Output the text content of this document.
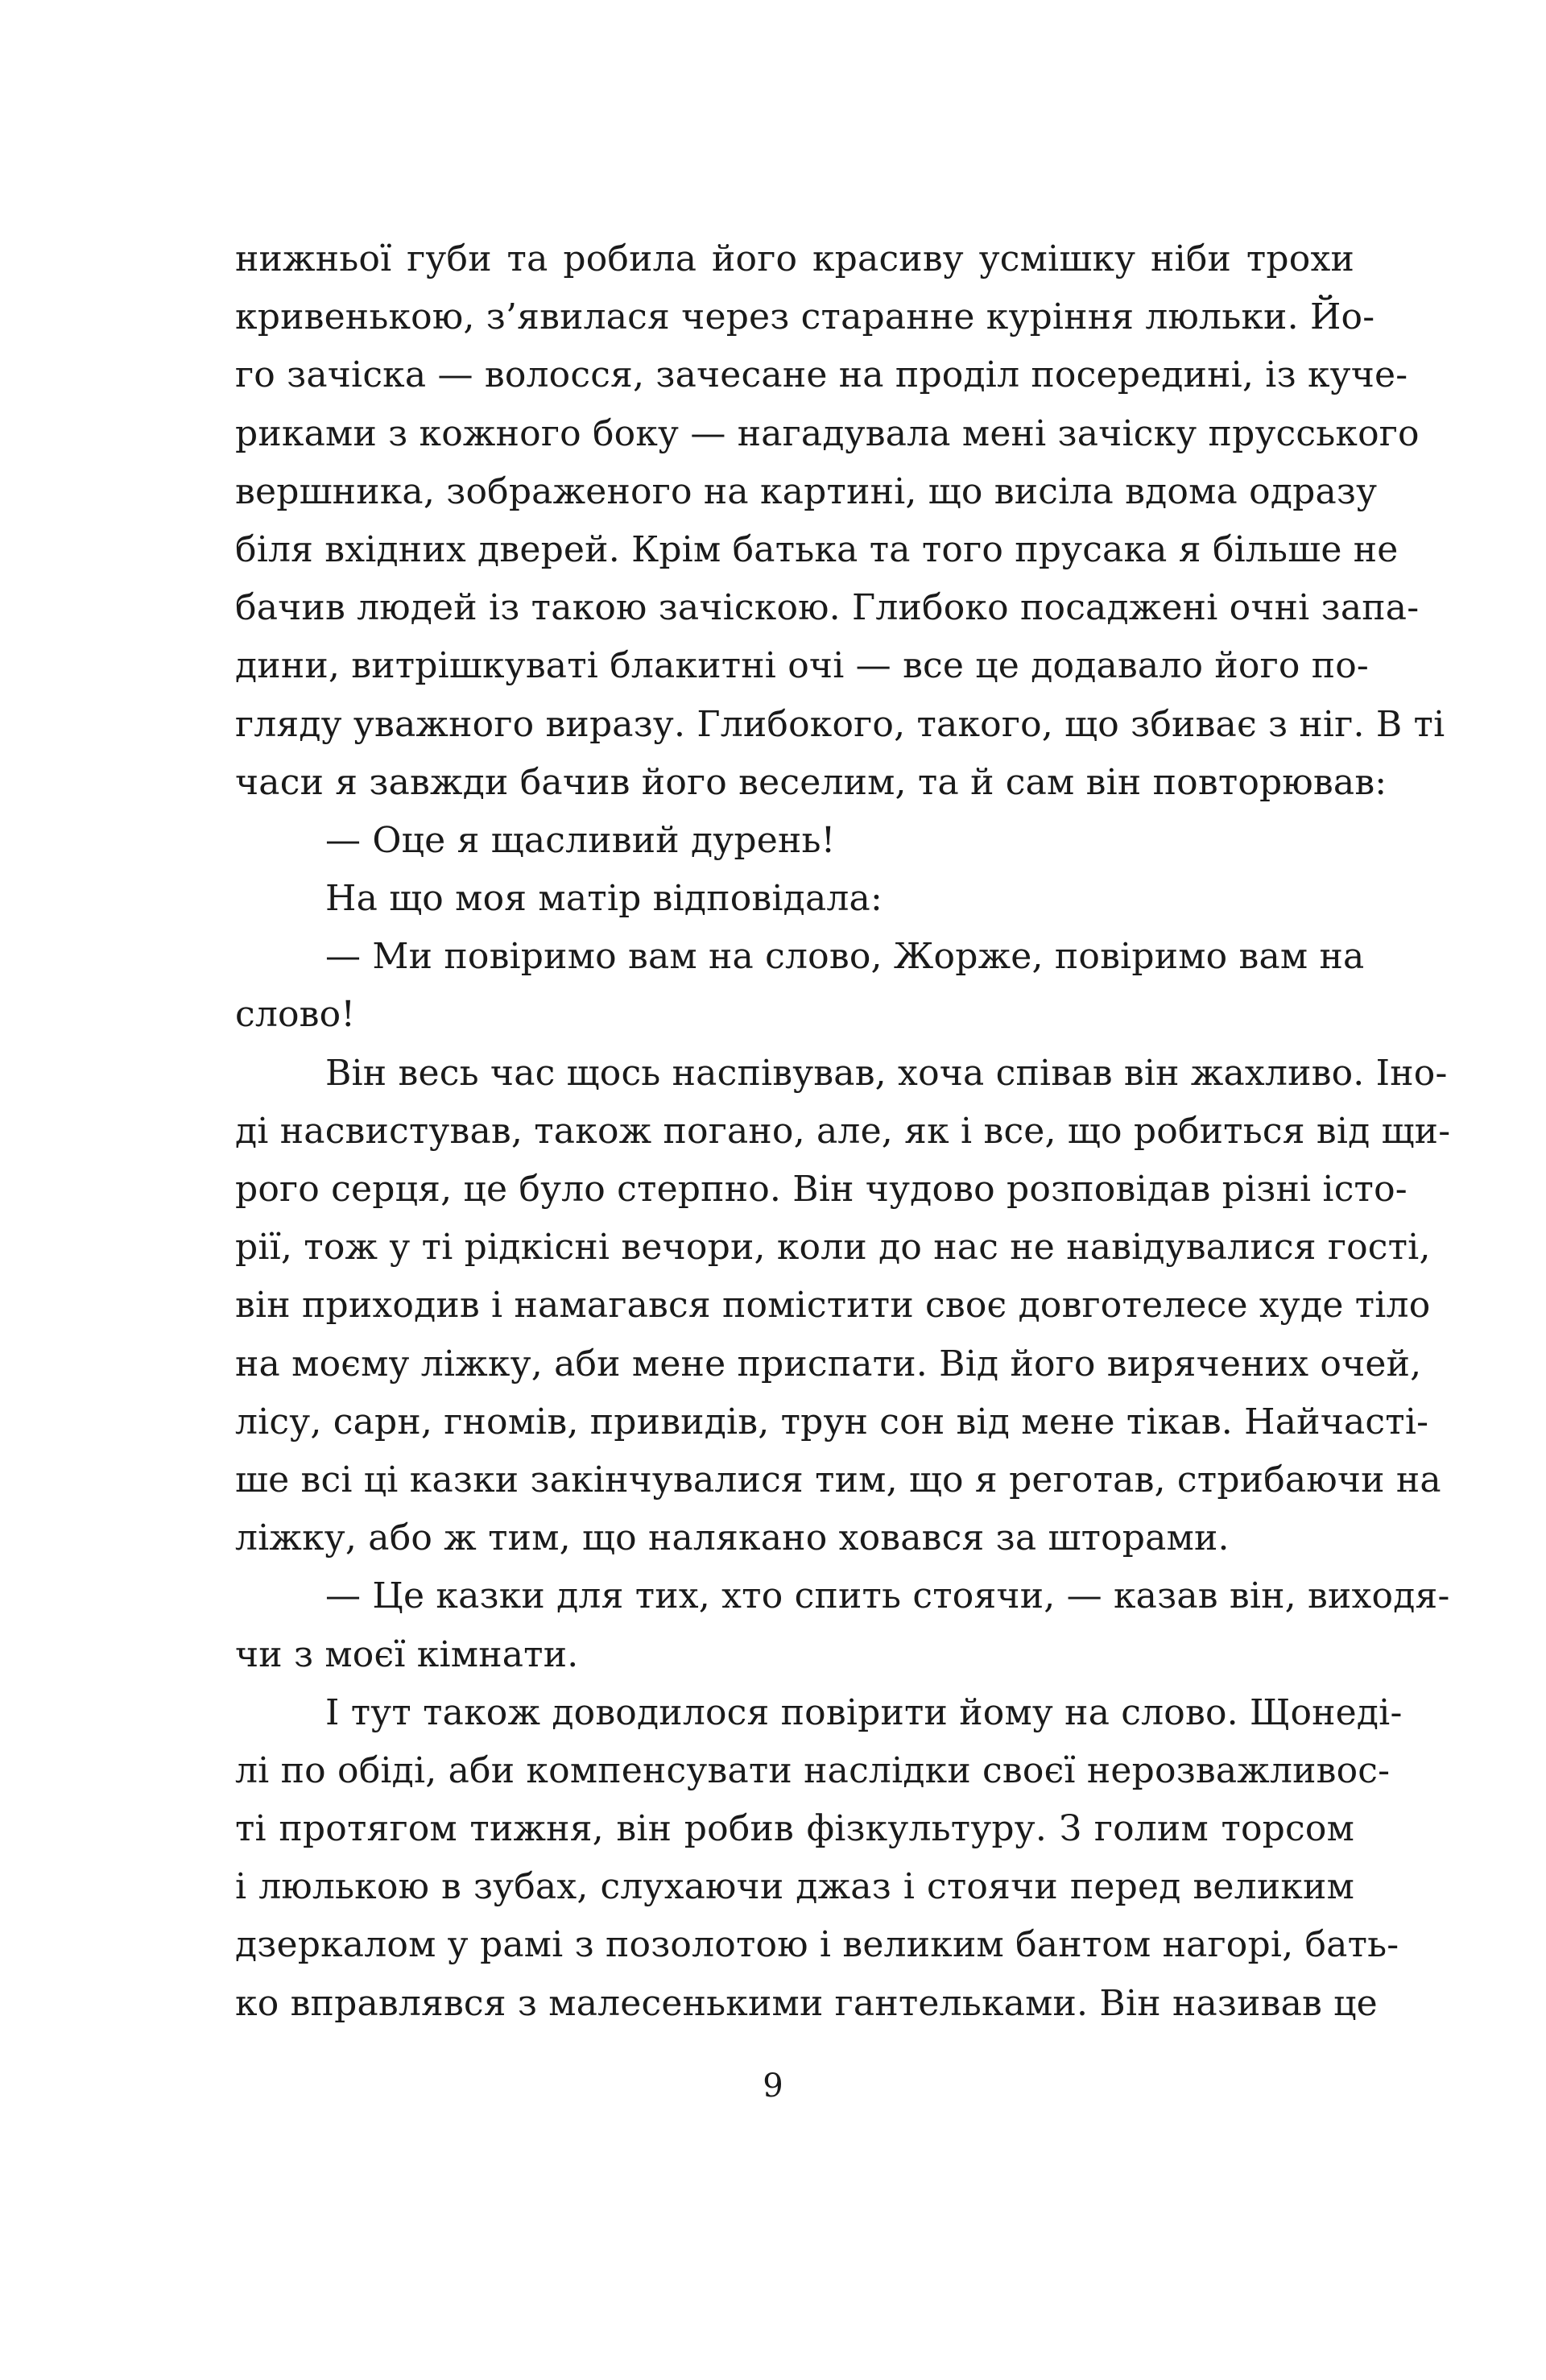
нижньої губи та робила його красиву усмішку ніби трохи
кривенькою, з’явилася через старанне куріння люльки. Йо-
го зачіска — волосся, зачесане на проділ посередині, із куче-
риками з кожного боку — нагадувала мені зачіску прусського
вершника, зображеного на картині, що висіла вдома одразу
біля вхідних дверей. Крім батька та того прусака я більше не
бачив людей із такою зачіскою. Глибоко посаджені очні запа-
дини, витрішкуваті блакитні очі — все це додавало його по-
гляду уважного виразу. Глибокого, такого, що збиває з ніг. В ті
часи я завжди бачив його веселим, та й сам він повторював:
— Оце я щасливий дурень!
На що моя матір відповідала:
— Ми повіримо вам на слово, Жорже, повіримо вам на
слово!
Він весь час щось наспівував, хоча співав він жахливо. Іно-
ді насвистував, також погано, але, як і все, що робиться від щи-
рого серця, це було стерпно. Він чудово розповідав різні істо-
рії, тож у ті рідкісні вечори, коли до нас не навідувалися гості,
він приходив і намагався помістити своє довготелесе худе тіло
на моєму ліжку, аби мене приспати. Від його вирячених очей,
лісу, сарн, гномів, привидів, трун сон від мене тікав. Найчасті-
ше всі ці казки закінчувалися тим, що я реготав, стрибаючи на
ліжку, або ж тим, що налякано ховався за шторами.
— Це казки для тих, хто спить стоячи, — казав він, виходя-
чи з моєї кімнати.
І тут також доводилося повірити йому на слово. Щонеді-
лі по обіді, аби компенсувати наслідки своєї нерозважливос-
ті протягом тижня, він робив фізкультуру. З голим торсом
і люлькою в зубах, слухаючи джаз і стоячи перед великим
дзеркалом у рамі з позолотою і великим бантом нагорі, бать-
ко вправлявся з малесенькими гантельками. Він називав це
9
